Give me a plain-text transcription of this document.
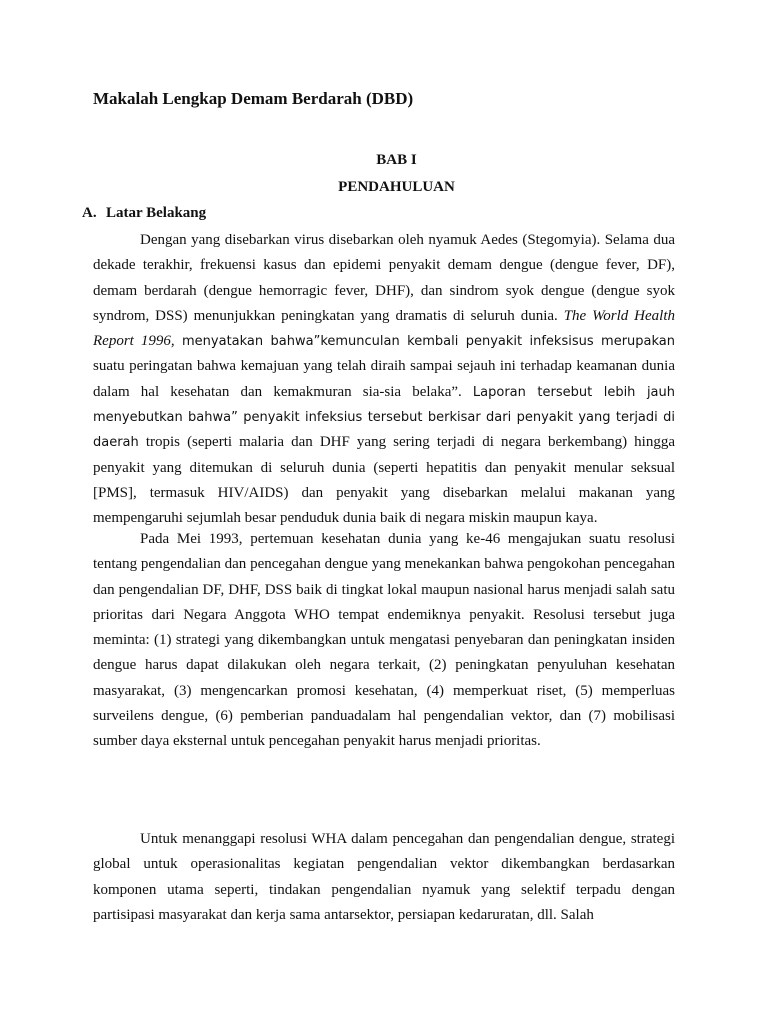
Makalah Lengkap Demam Berdarah (DBD)
BAB I
PENDAHULUAN
A. Latar Belakang

Dengan yang disebarkan virus disebarkan oleh nyamuk Aedes (Stegomyia). Selama dua dekade terakhir, frekuensi kasus dan epidemi penyakit demam dengue (dengue fever, DF), demam berdarah (dengue hemorragic fever, DHF), dan sindrom syok dengue (dengue syok syndrom, DSS) menunjukkan peningkatan yang dramatis di seluruh dunia. The World Health Report 1996, menyatakan bahwa”kemunculan kembali penyakit infeksisus merupakan suatu peringatan bahwa kemajuan yang telah diraih sampai sejauh ini terhadap keamanan dunia dalam hal kesehatan dan kemakmuran sia-sia belaka”. Laporan tersebut lebih jauh menyebutkan bahwa” penyakit infeksius tersebut berkisar dari penyakit yang terjadi di daerah tropis (seperti malaria dan DHF yang sering terjadi di negara berkembang) hingga penyakit yang ditemukan di seluruh dunia (seperti hepatitis dan penyakit menular seksual [PMS], termasuk HIV/AIDS) dan penyakit yang disebarkan melalui makanan yang mempengaruhi sejumlah besar penduduk dunia baik di negara miskin maupun kaya.

Pada Mei 1993, pertemuan kesehatan dunia yang ke-46 mengajukan suatu resolusi tentang pengendalian dan pencegahan dengue yang menekankan bahwa pengokohan pencegahan dan pengendalian DF, DHF, DSS baik di tingkat lokal maupun nasional harus menjadi salah satu prioritas dari Negara Anggota WHO tempat endemiknya penyakit. Resolusi tersebut juga meminta: (1) strategi yang dikembangkan untuk mengatasi penyebaran dan peningkatan insiden dengue harus dapat dilakukan oleh negara terkait, (2) peningkatan penyuluhan kesehatan masyarakat, (3) mengencarkan promosi kesehatan, (4) memperkuat riset, (5) memperluas surveilens dengue, (6) pemberian panduadalam hal pengendalian vektor, dan (7) mobilisasi sumber daya eksternal untuk pencegahan penyakit harus menjadi prioritas.

Untuk menanggapi resolusi WHA dalam pencegahan dan pengendalian dengue, strategi global untuk operasionalitas kegiatan pengendalian vektor dikembangkan berdasarkan komponen utama seperti, tindakan pengendalian nyamuk yang selektif terpadu dengan partisipasi masyarakat dan kerja sama antarsektor, persiapan kedaruratan, dll. Salah
